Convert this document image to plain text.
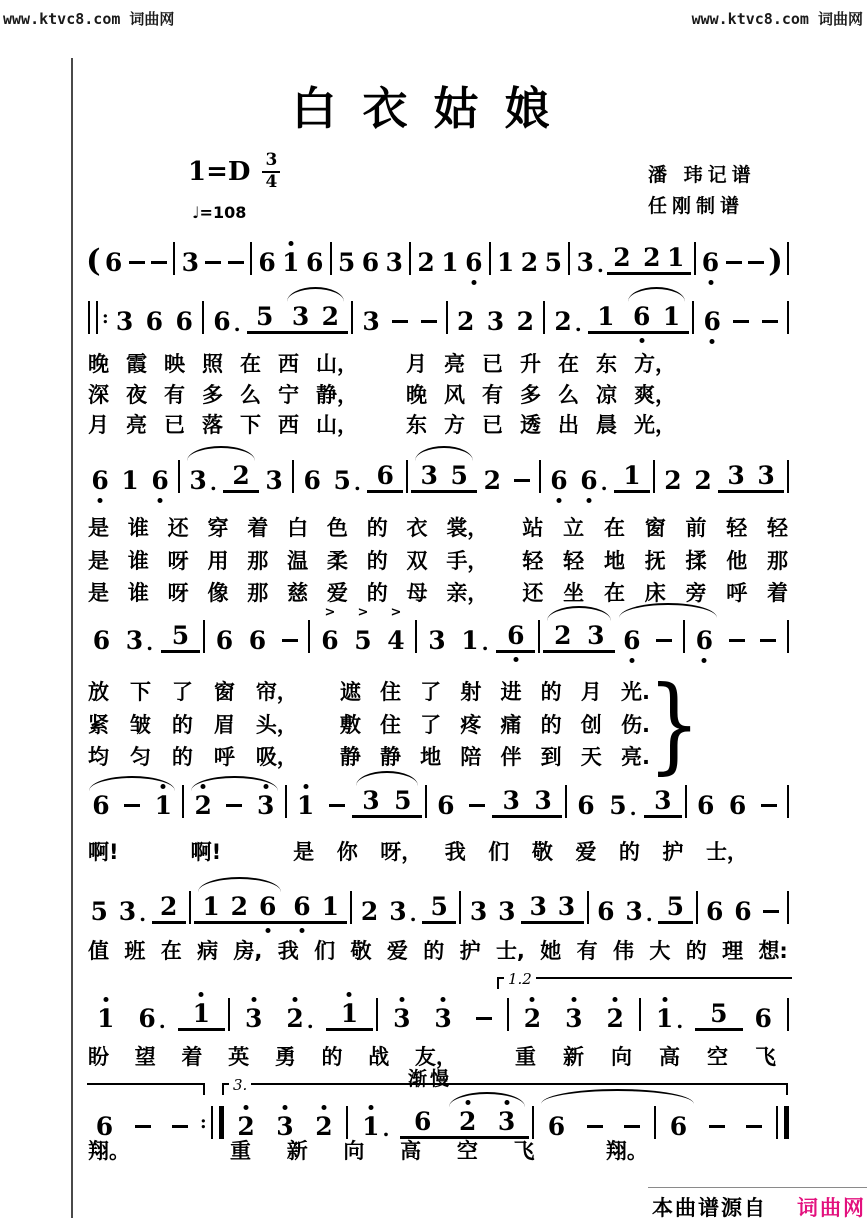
www.ktvc8.com 词曲网	www.ktvc8.com 词曲网
白衣姑娘
$1=D \frac{3}{4}$
♩=108
潘 玮记谱
任刚制谱
( 6 3 6 1 6 5 6 3 2 1 6 1 2 5 3 . 2 2 1 6 )
: 3 6 6 6 . 5 3 2 3	2 3 2 2 . 1 6 1 6
6 1 6 3 . 2 3 6 5 . 6 3 5 2 6 6 . 1 2 2 3 3
6 3 . 5 6 6
>
6
>
5
>
4 3 1 . 6 2 3 6 6
6 1 2 3 1 3 5 6 3 3 6 5 . 3 6 6
5 3 . 2 1 2 6 6 1 2 3 . 5 3 3 3 3 6 3 . 5 6 6
1 6 . 1 3 2 . 1 3 3	2 3 2 1 . 5 6
6	: 2 3 2 1 . 6 2 3 6	6
晚 霞 映 照 在 西 山， 月 亮 已 升 在 东 方，
深 夜 有 多 么 宁 静， 晚 风 有 多 么 凉 爽，
月 亮 已 落 下 西 山， 东 方 已 透 出 晨 光，
是 谁 还 穿 着 白 色 的 衣 裳， 站 立 在 窗 前 轻 轻
是 谁 呀 用 那 温 柔 的 双 手， 轻 轻 地 抚 揉 他 那
是 谁 呀 像 那 慈 爱 的 母 亲， 还 坐 在 床 旁 呼 着
放 下 了 窗 帘， 遮 住 了 射 进 的 月 光.
紧 皱 的 眉 头， 敷 住 了 疼 痛 的 创 伤.
均 匀 的 呼 吸， 静 静 地 陪 伴 到 天 亮.
啊!	啊!	是 你 呀， 我 们 敬 爱 的 护 士，
值 班 在 病 房, 我 们 敬 爱 的 护 士, 她 有 伟 大 的 理 想:
盼 望 着 英 勇 的 战 友，	重 新 向 高 空 飞
翔。	重 新 向 高 空 飞	翔。
}
1.2
3.	渐慢
本曲谱源自 词曲网
